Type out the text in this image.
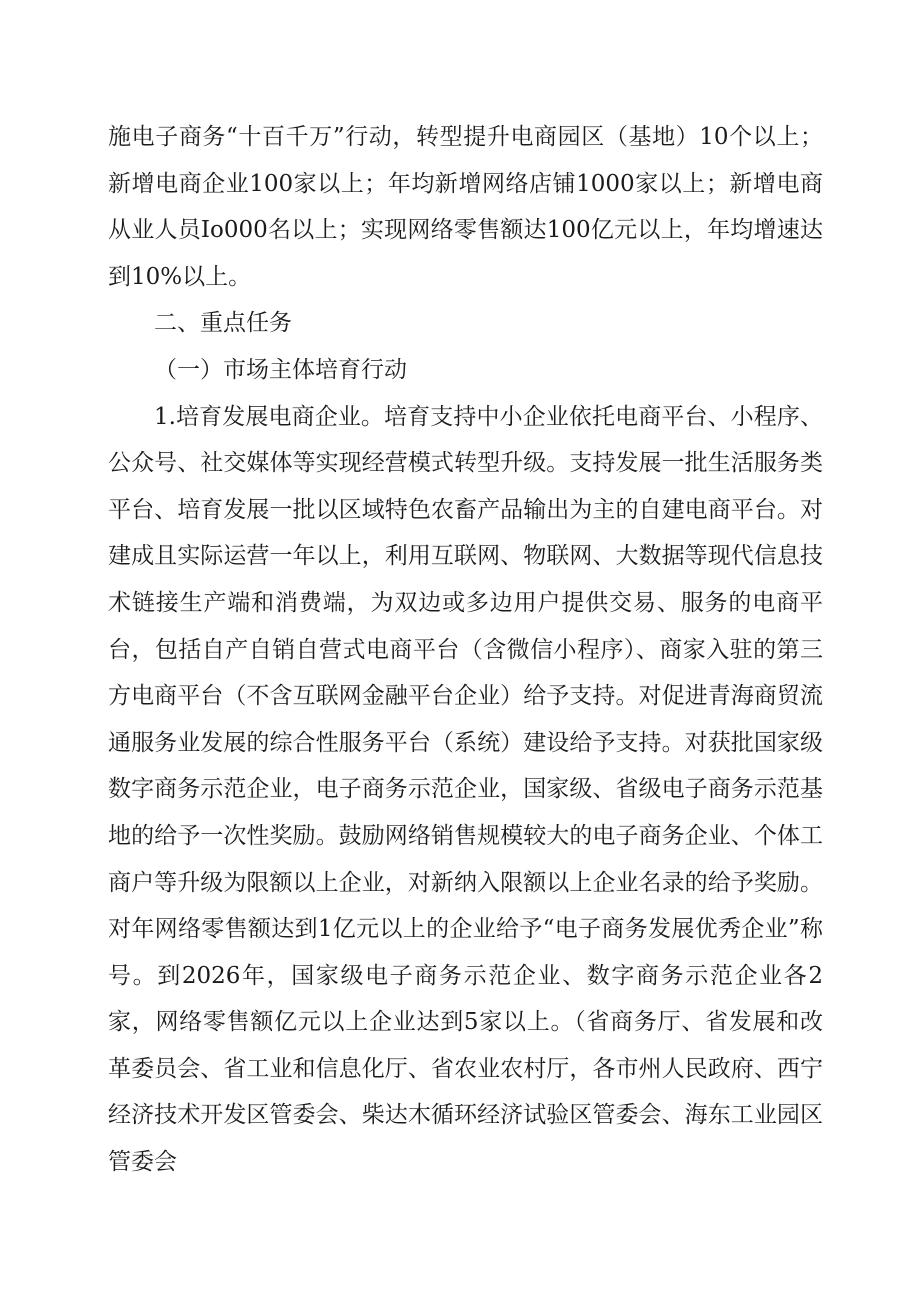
施电子商务“十百千万”行动，转型提升电商园区（基地）10个以上；新增电商企业100家以上；年均新增网络店铺1000家以上；新增电商从业人员Io000名以上；实现网络零售额达100亿元以上，年均增速达到10%以上。

二、重点任务

（一）市场主体培育行动

1.培育发展电商企业。培育支持中小企业依托电商平台、小程序、公众号、社交媒体等实现经营模式转型升级。支持发展一批生活服务类平台、培育发展一批以区域特色农畜产品输出为主的自建电商平台。对建成且实际运营一年以上，利用互联网、物联网、大数据等现代信息技术链接生产端和消费端，为双边或多边用户提供交易、服务的电商平台，包括自产自销自营式电商平台（含微信小程序）、商家入驻的第三方电商平台（不含互联网金融平台企业）给予支持。对促进青海商贸流通服务业发展的综合性服务平台（系统）建设给予支持。对获批国家级数字商务示范企业，电子商务示范企业，国家级、省级电子商务示范基地的给予一次性奖励。鼓励网络销售规模较大的电子商务企业、个体工商户等升级为限额以上企业，对新纳入限额以上企业名录的给予奖励。对年网络零售额达到1亿元以上的企业给予“电子商务发展优秀企业”称号。到2026年，国家级电子商务示范企业、数字商务示范企业各2家，网络零售额亿元以上企业达到5家以上。（省商务厅、省发展和改革委员会、省工业和信息化厅、省农业农村厅，各市州人民政府、西宁经济技术开发区管委会、柴达木循环经济试验区管委会、海东工业园区管委会
